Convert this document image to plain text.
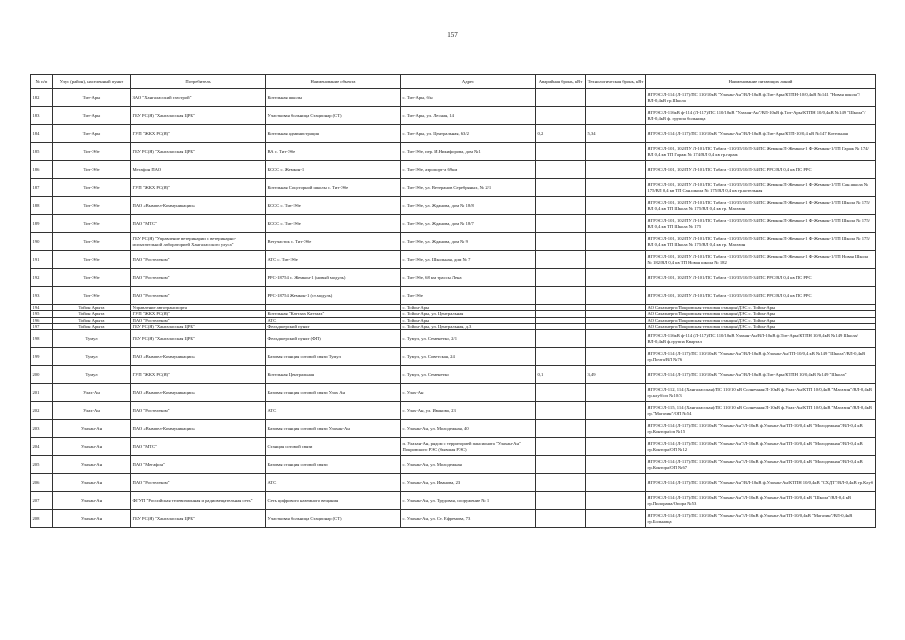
157
№ п/п	Улус (район), населенный пункт	Потребитель	Наименование объекта	Адрес	Аварийная бронь, кВт	Технологическая бронь, кВт	Наименование питающих линий
182	Тит-Ары	ЗАО "Хангаласский газстрой"	Котельная школы	с. Тит-Ары, б/н			ЯГРЭС/Л-114 (Л-117)/ПС 110/10кВ "Улахан-Ан"/ВЛ-10кВ ф.Тит-Ары/КТПН-10/0,4кВ №141 "Новая школа"/ВЛ-0,4кВ гр.Школа
183	Тит-Ары	ГБУ РС(Я) "Хангаласская ЦРБ"	Участковая больница Стационар (СТ)	с. Тит-Ары, ул. Лесная, 14			ЯГРЭС/Л-116кВ ф-114 (Л-117)/ПС 110/10кВ "Улахан-Ан"/ВЛ-10кВ ф.Тит-Ары/КТПН 10/0,4кВ №149 "Школа"/ВЛ-0,4кВ ф. группа больница
184	Тит-Ары	ГУП "ЖКХ РС(Я)"	Котельная администрация	с. Тит-Ары, ул. Центральная, 63/2	0,2	5,34	ЯГРЭС/Л-114 (Л-117)/ПС 110/10кВ "Улахан-Ан"/ВЛ-10кВ ф.Тит-Ары/КТП-10/0,4 кВ №147 Котельная
185	Тит-Эбе	ГБУ РС(Я) "Хангаласская ЦРБ"	ВА с. Тит-Эбе	с. Тит-Эбе, пер. И.Никифорова, дом №1			ЯГРЭС/Л-101, 102/ПУ Л-101/ПС Табага -110/35/10/Л-34/ПС Жемкон/Л-Жемкон-1 Ф-Жемкон-1/ТП Гараж № 174/ВЛ 0,4 кв ТП Гараж № 174/ВЛ 0,4 кв гр.гараж
186	Тит-Эбе	Мегафон ПАО	БССС с. Жемкон-1	с. Тит-Эбе, аэропорт-а 69км			ЯГРЭС/Л-101, 102/ПУ Л-101/ПС Табага -110/35/10/Л-34/ПС РРС/ВЛ 0,4 кв ПС РРС
187	Тит-Эбе	ГУП "ЖКХ РС(Я)"	Котельная Соцсторной школы с. Тит-Эбе	с. Тит-Эбе, ул. Ветеранов Серебряных, № 2/1			ЯГРЭС/Л-101, 102/ПУ Л-101/ПС Табага -110/35/10/Л-34/ПС Жемкон/Л-Жемкон-1 Ф-Жемкон-1/ТП Сан.школа № 175/ВЛ 0,4 кв ТП Сан.школа № 175/ВЛ 0,4 кв гр.котельная
188	Тит-Эбе	ПАО «Вымпел-Коммуникации»	БССС с. Тит-Эбе	с. Тит-Эбе, ул. Жданова, дом № 18/8			ЯГРЭС/Л-101, 102/ПУ Л-101/ПС Табага -110/35/10/Л-34/ПС Жемкон/Л-Жемкон-1 Ф-Жемкон-1/ТП Школа № 175/ВЛ 0,4 кв ТП Школа № 175/ВЛ 0,4 кв гр. Магазин
189	Тит-Эбе	ПАО "МТС"	БССС с. Тит-Эбе	с. Тит-Эбе, ул. Жданова, дом № 18/7			ЯГРЭС/Л-101, 102/ПУ Л-101/ПС Табага -110/35/10/Л-34/ПС Жемкон/Л-Жемкон-1 Ф-Жемкон-1/ТП Школа № 175/ВЛ 0,4 кв ТП Школа № 175
190	Тит-Эбе	ГБУ РС(Я) "Управление ветеринарии с ветеринарно-испытательной лабораторией Хангаласского улуса"	Ветучасток с. Тит-Эбе	с. Тит-Эбе, ул. Жданова, дом № 9			ЯГРЭС/Л-101, 102/ПУ Л-101/ПС Табага -110/35/10/Л-34/ПС Жемкон/Л-Жемкон-1 Ф-Жемкон-1/ТП Школа № 175/ВЛ 0,4 кв ТП Школа № 175/ВЛ 0,4 кв гр. Магазин
191	Тит-Эбе	ПАО "Ростелеком"	АТС с. Тит-Эбе	с. Тит-Эбе, ул. Школьная, дом № 7			ЯГРЭС/Л-101, 102/ПУ Л-101/ПС Табага -110/35/10/Л-34/ПС Жемкон/Л-Жемкон-1 Ф-Жемкон-1/ТП Новая Школа № 182/ВЛ 0,4 кв ТП Новая школа № 182
192	Тит-Эбе	ПАО "Ростелеком"	РРС-18754 с. Жемкон-1 (новый модуль)	с. Тит-Эбе, 68 км трассы Лена			ЯГРЭС/Л-101, 102/ПУ Л-101/ПС Табага -110/35/10/Л-34/ПС РРС/ВЛ 0,4 кв ПС РРС
193	Тит-Эбе	ПАО "Ростелеком"	РРС-18754 Жемкон-1 (ст.модуль)	с. Тит-Эбе			ЯГРЭС/Л-101, 102/ПУ Л-101/ПС Табага -110/35/10/Л-34/ПС РРС/ВЛ 0,4 кв ПС РРС
194	Тойон Арыта	Управление автотранспорта		с. Тойон-Ары			АО Сахаэнерго/Покровская тепловая станция/ДЭС с. Тойон-Ары
195	Тойон Арыта	ГУП "ЖКХ РС(Я)"	Котельная "Каттаах Каттаах"	с. Тойон-Ары, ул. Центральная			АО Сахаэнерго/Покровская тепловая станция/ДЭС с. Тойон-Ары
196	Тойон Арыта	ПАО "Ростелеком"	АТС	с. Тойон-Ары			АО Сахаэнерго/Покровская тепловая станция/ДЭС с. Тойон-Ары
197	Тойон Арыта	ГБУ РС(Я) "Хангаласская ЦРБ"	Фельдшерский пункт	с. Тойон-Ары, ул. Центральная, д.3			АО Сахаэнерго/Покровская тепловая станция/ДЭС с. Тойон-Ары
198	Тумул	ГБУ РС(Я) "Хангаласская ЦРБ"	Фельдшерский пункт (ФП)	с. Тумул, ул. Семенетко, 2/1			ЯГРЭС/Л-116кВ ф-114 (Л-117)/ПС 110/10кВ Улахан-Ан/ВЛ-10кВ ф.Тит-Ары/КТПН 10/0,4кВ №149 Школа/ВЛ-0,4кВ ф.группа Квартал
199	Тумул	ПАО «Вымпел-Коммуникации»	Базовая станция сотовой связи Тумул	с. Тумул, ул. Советская, 24			ЯГРЭС/Л-114 (Л-117)/ПС 110/10кВ "Улахан-Ан"/ВЛ-10кВ ф.Улахан-Ан/ТП-10/0,4 кВ №149 "Школа"/ВЛ-0,4кВ гр.Почта/ВЛ №76
200	Тумул	ГУП "ЖКХ РС(Я)"	Котельная Центральная	с. Тумул, ул. Семенетко	0,1	3,49	ЯГРЭС/Л-114 (Л-117)/ПС 110/10кВ "Улахан-Ан"/ВЛ-10кВ ф.Тит-Ары/КТПН 10/0,4кВ №149 "Школа"
201	Улах-Ан	ПАО «Вымпел-Коммуникации»	Базовая станция сотовой связи Улах Ан	с. Улах-Ан			ЯГРЭС/Л-112, 114 (Хангаласская)/ПС 110/10 кВ Солнечная/Л-10кВ ф.Улах-Ан/КТП 10/0,4кВ "Магазин"/ВЛ-0,4кВ гр.клуб/оп №10/3
202	Улах-Ан	ПАО "Ростелеком"	АТС	с. Улах-Ан, ул. Иванова, 23			ЯГРЭС/Л-115, 114 (Хангаласская)/ПС 110/10 кВ Солнечная/Л-10кВ ф.Улах-Ан/КТП 10/0,4кВ "Магазин"/ВЛ-0,4кВ гр."Магазин"/ОП №54
203	Улахан-Ан	ПАО «Вымпел-Коммуникации»	Базовая станция сотовой связи Улахан-Ан	с. Улахан-Ан, ул. Молодежная, 40			ЯГРЭС/Л-114 (Л-117)/ПС 110/10кВ "Улахан-Ан"/Л-10кВ ф.Улахан-Ан/ТП-10/0,4 кВ "Молодежная"/ВЛ-0,4 кВ гр.Контора/оп №15
204	Улахан-Ан	ПАО "МТС"	Станция сотовой связи	п. Улахан-Ан, рядом с территорией пансионата "Улахан-Ан" Покровского РЭС (бывшая РЭС)			ЯГРЭС/Л-114 (Л-117)/ПС 110/10кВ "Улахан-Ан"/Л-10кВ ф.Улахан-Ан/ТП-10/0,4 кВ "Молодежная"/ВЛ-0,4 кВ гр.Контора/ОП №12
205	Улахан-Ан	ПАО "Мегафон"	Базовая станция сотовой связи	с. Улахан-Ан, ул. Молодежная			ЯГРЭС/Л-114 (Л-117)/ПС 110/10кВ "Улахан-Ан"/Л-10кВ ф.Улахан-Ан/ТП-10/0,4 кВ "Молодежная"/ВЛ-0,4 кВ гр.Контора/ОП №67
206	Улахан-Ан	ПАО "Ростелеком"	АТС	с. Улахан-Ан, ул. Иванова, 23			ЯГРЭС/Л-114 (Л-117)/ПС 110/10кВ "Улахан-Ан"/ВЛ-10кВ ф.Улахан-Ан/КТПН 10/0,4кВ "СХДТ"/ВЛ-0,4кВ гр.Клуб
207	Улахан-Ан	ФГУП "Российская телевизионная и радиовещательная сеть"	Сеть цифрового наземного вещания	с. Улахан-Ан, ул. Трудовая, сооружение № 1			ЯГРЭС/Л-114 (Л-117)/ПС 110/10кВ "Улахан-Ан"/Л-10кВ ф.Улахан-Ан/ТП-10/0,4 кВ "Школа"/ВЛ-0,4 кВ гр.Пилорама/Опора №53
208	Улахан-Ан	ГБУ РС(Я) "Хангаласская ЦРБ"	Участковая больница Стационар (СТ)	с. Улахан-Ан, ул. Ст. Ефремова, 73			ЯГРЭС/Л-114 (Л-117)/ПС 110/10кВ "Улахан-Ан"/Л-10кВ ф.Улахан-Ан/ТП-10/0,4кВ "Магазин"/ВЛ-0,4кВ гр.Больница
